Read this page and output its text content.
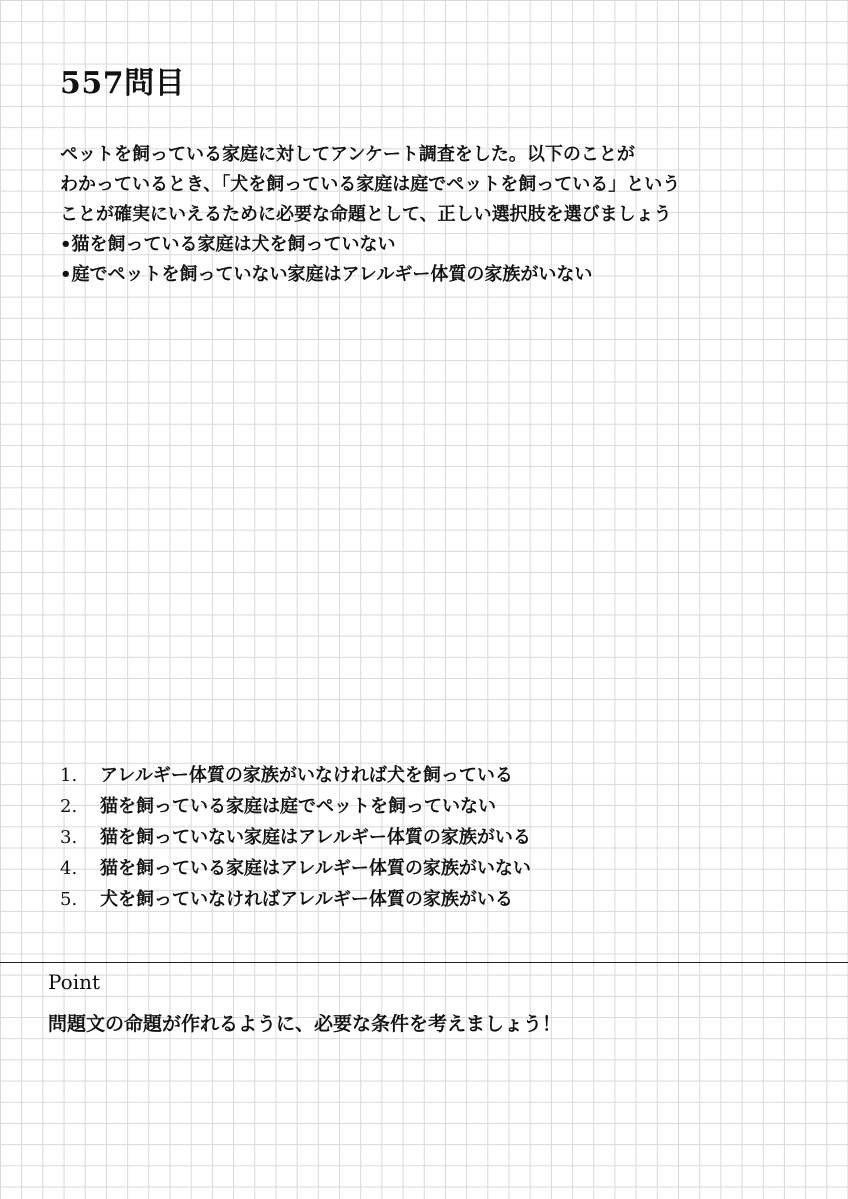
557問目

ペットを飼っている家庭に対してアンケート調査をした。以下のことが

わかっているとき、「犬を飼っている家庭は庭でペットを飼っている」という

ことが確実にいえるために必要な命題として、正しい選択肢を選びましょう

•猫を飼っている家庭は犬を飼っていない

•庭でペットを飼っていない家庭はアレルギー体質の家族がいない

1. アレルギー体質の家族がいなければ犬を飼っている
2. 猫を飼っている家庭は庭でペットを飼っていない
3. 猫を飼っていない家庭はアレルギー体質の家族がいる
4. 猫を飼っている家庭はアレルギー体質の家族がいない
5. 犬を飼っていなければアレルギー体質の家族がいる
Point
問題文の命題が作れるように、必要な条件を考えましょう！
